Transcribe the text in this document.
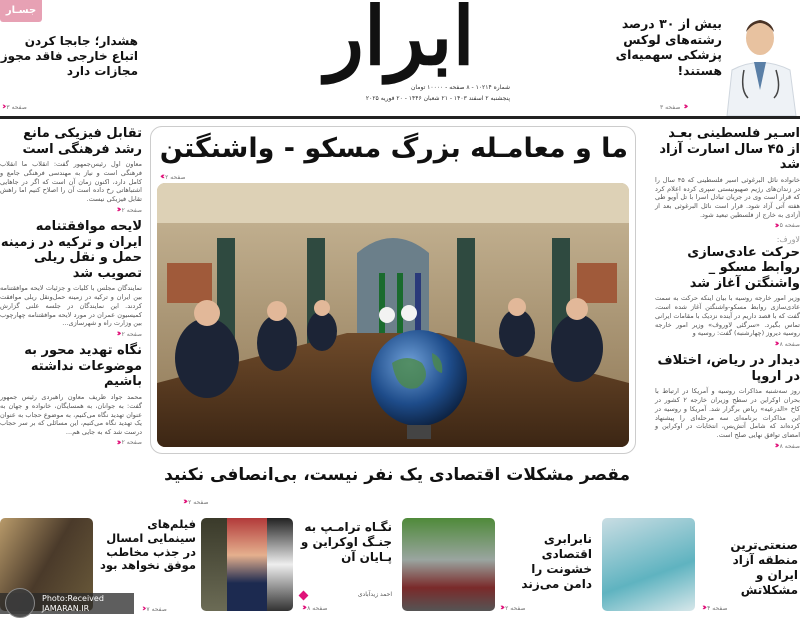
ابرار
شماره ۱۰۲۱۴ - ۸ صفحه - ۱۰۰۰۰ تومان
پنجشنبه ۲ اسفند ۱۴۰۳ - ۲۱ شعبان ۱۴۴۶ - ۲۰ فوریه ۲۰۲۵
بیش از ۳۰ درصد رشته‌های لوکس پزشکی سهمیه‌ای هستند!
‹‹‹
صفحه ۳
جسـار
هشدار؛ جابجا کردن اتباع خارجی فاقد مجوز مجازات دارد
صفحه ۳
‹‹
اسـیر فلسطینی بعـد از ۴۵ سال اسارت آزاد شد
خانواده نائل البرغوثی اسیر فلسطینی که ۴۵ سال را در زندان‌های رژیم صهیونیستی سپری کرده اعلام کرد که قرار است وی در جریان تبادل اسرا با تل آویو طی هفته آتی آزاد شود. قرار است نائل البرغوثی بعد از آزادی به خارج از فلسطین تبعید شود.
صفحه ۵
‹‹‹
لاورف:
حرکت عادی‌سازی روابط مسکو _ واشنگتن آغاز شد
وزیر امور خارجه روسیه با بیان اینکه حرکت به سمت عادی‌سازی روابط مسکو-واشنگتن آغاز شده است، گفت که با قصد داریم در آینده نزدیک با مقامات ایرانی تماس بگیرد. «سرگئی لاوروف» وزیر امور خارجه روسیه دیروز (چهارشنبه) گفت: روسیه و
صفحه ۸
‹‹‹
دیدار در ریاض، اختلاف در اروپا
روز سه‌شنبه مذاکرات روسیه و آمریکا در ارتباط با بحران اوکراین در سطح وزیران خارجه ۲ کشور در کاخ «الدرعیه» ریاض برگزار شد. آمریکا و روسیه در این مذاکرات برنامه‌ای سه مرحله‌ای را پیشنهاد کرده‌اند که شامل آتش‌بس، انتخابات در اوکراین و امضای توافق نهایی صلح است.
صفحه ۸
‹‹‹
تقابل فیزیکی مانع رشد فرهنگی است
معاون اول رئیس‌جمهور گفت: انقلاب ما انقلاب فرهنگی است و نیاز به مهندسی فرهنگی جامع و کامل دارد، اکنون زمان آن است که اگر در جاهایی اشتباهاتی رخ داده است آن را اصلاح کنیم اما راهش تقابل فیزیکی نیست.
صفحه ۲
‹‹‹
لایحه موافقتنامه ایران و ترکیه در زمینه حمل و نقل ریلی تصویب شد
نمایندگان مجلس با کلیات و جزئیات لایحه موافقتنامه بین ایران و ترکیه در زمینه حمل‌ونقل ریلی موافقت کردند. این نمایندگان در جلسه علنی گزارش کمیسیون عمران در مورد لایحه موافقتنامه چهارچوب بین وزارت راه و شهرسازی...
صفحه ۲
‹‹‹
نگاه تهدید محور به موضوعات نداشته باشیم
محمد جواد ظریف معاون راهبردی رئیس جمهور گفت: به جوانان، به همسایگان، خانواده و جهان به عنوان تهدید نگاه می‌کنیم، به موضوع حجاب به عنوان یک تهدید نگاه می‌کنیم، این مسائلی که بر سر حجاب درست شد که به جایی هم...
صفحه ۲
‹‹‹
ما و معامـله بزرگ مسکو - واشنگتن
صفحه ۲
›››
مقصر مشکلات اقتصادی یک نفر نیست، بی‌انصافی نکنید
صفحه ۲
‹‹‹
صنعتی‌ترین منطقه آزاد ایران و مشکلاتش
صفحه ۴
‹‹‹
نابرابری اقتصادی خشونت را دامن می‌زند
صفحه ۲
‹‹‹
نگـاه ترامـپ به جنـگ اوکراین و پـایان آن
احمد زیدآبادی
صفحه ۸
‹‹‹
فیلم‌های سینمایی امسال در جذب مخاطب موفق نخواهد بود
صفحه ۷
‹‹
Photo:Received
JAMARAN.IR
